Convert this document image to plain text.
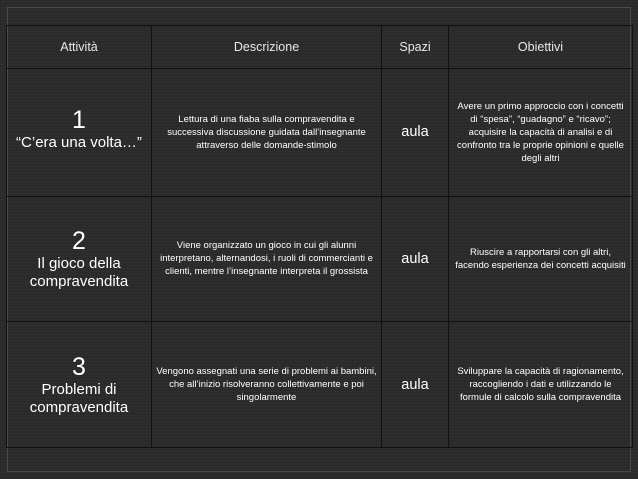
Attività	Descrizione	Spazi	Obiettivi

1
“C’era una volta…”	Lettura di una fiaba sulla compravendita e successiva discussione guidata dall’insegnante attraverso delle domande-stimolo	aula	Avere un primo approccio con i concetti di “spesa”, “guadagno” e “ricavo”; acquisire la capacità di analisi e di confronto tra le proprie opinioni e quelle degli altri

2
Il gioco della compravendita	Viene organizzato un gioco in cui gli alunni interpretano, alternandosi, i ruoli di commercianti e clienti, mentre l’insegnante interpreta il grossista	aula	Riuscire a rapportarsi con gli altri, facendo esperienza dei concetti acquisiti

3
Problemi di compravendita	Vengono assegnati una serie di problemi ai bambini, che all’inizio risolveranno collettivamente e poi singolarmente	aula	Sviluppare la capacità di ragionamento, raccogliendo i dati e utilizzando le formule di calcolo sulla compravendita
